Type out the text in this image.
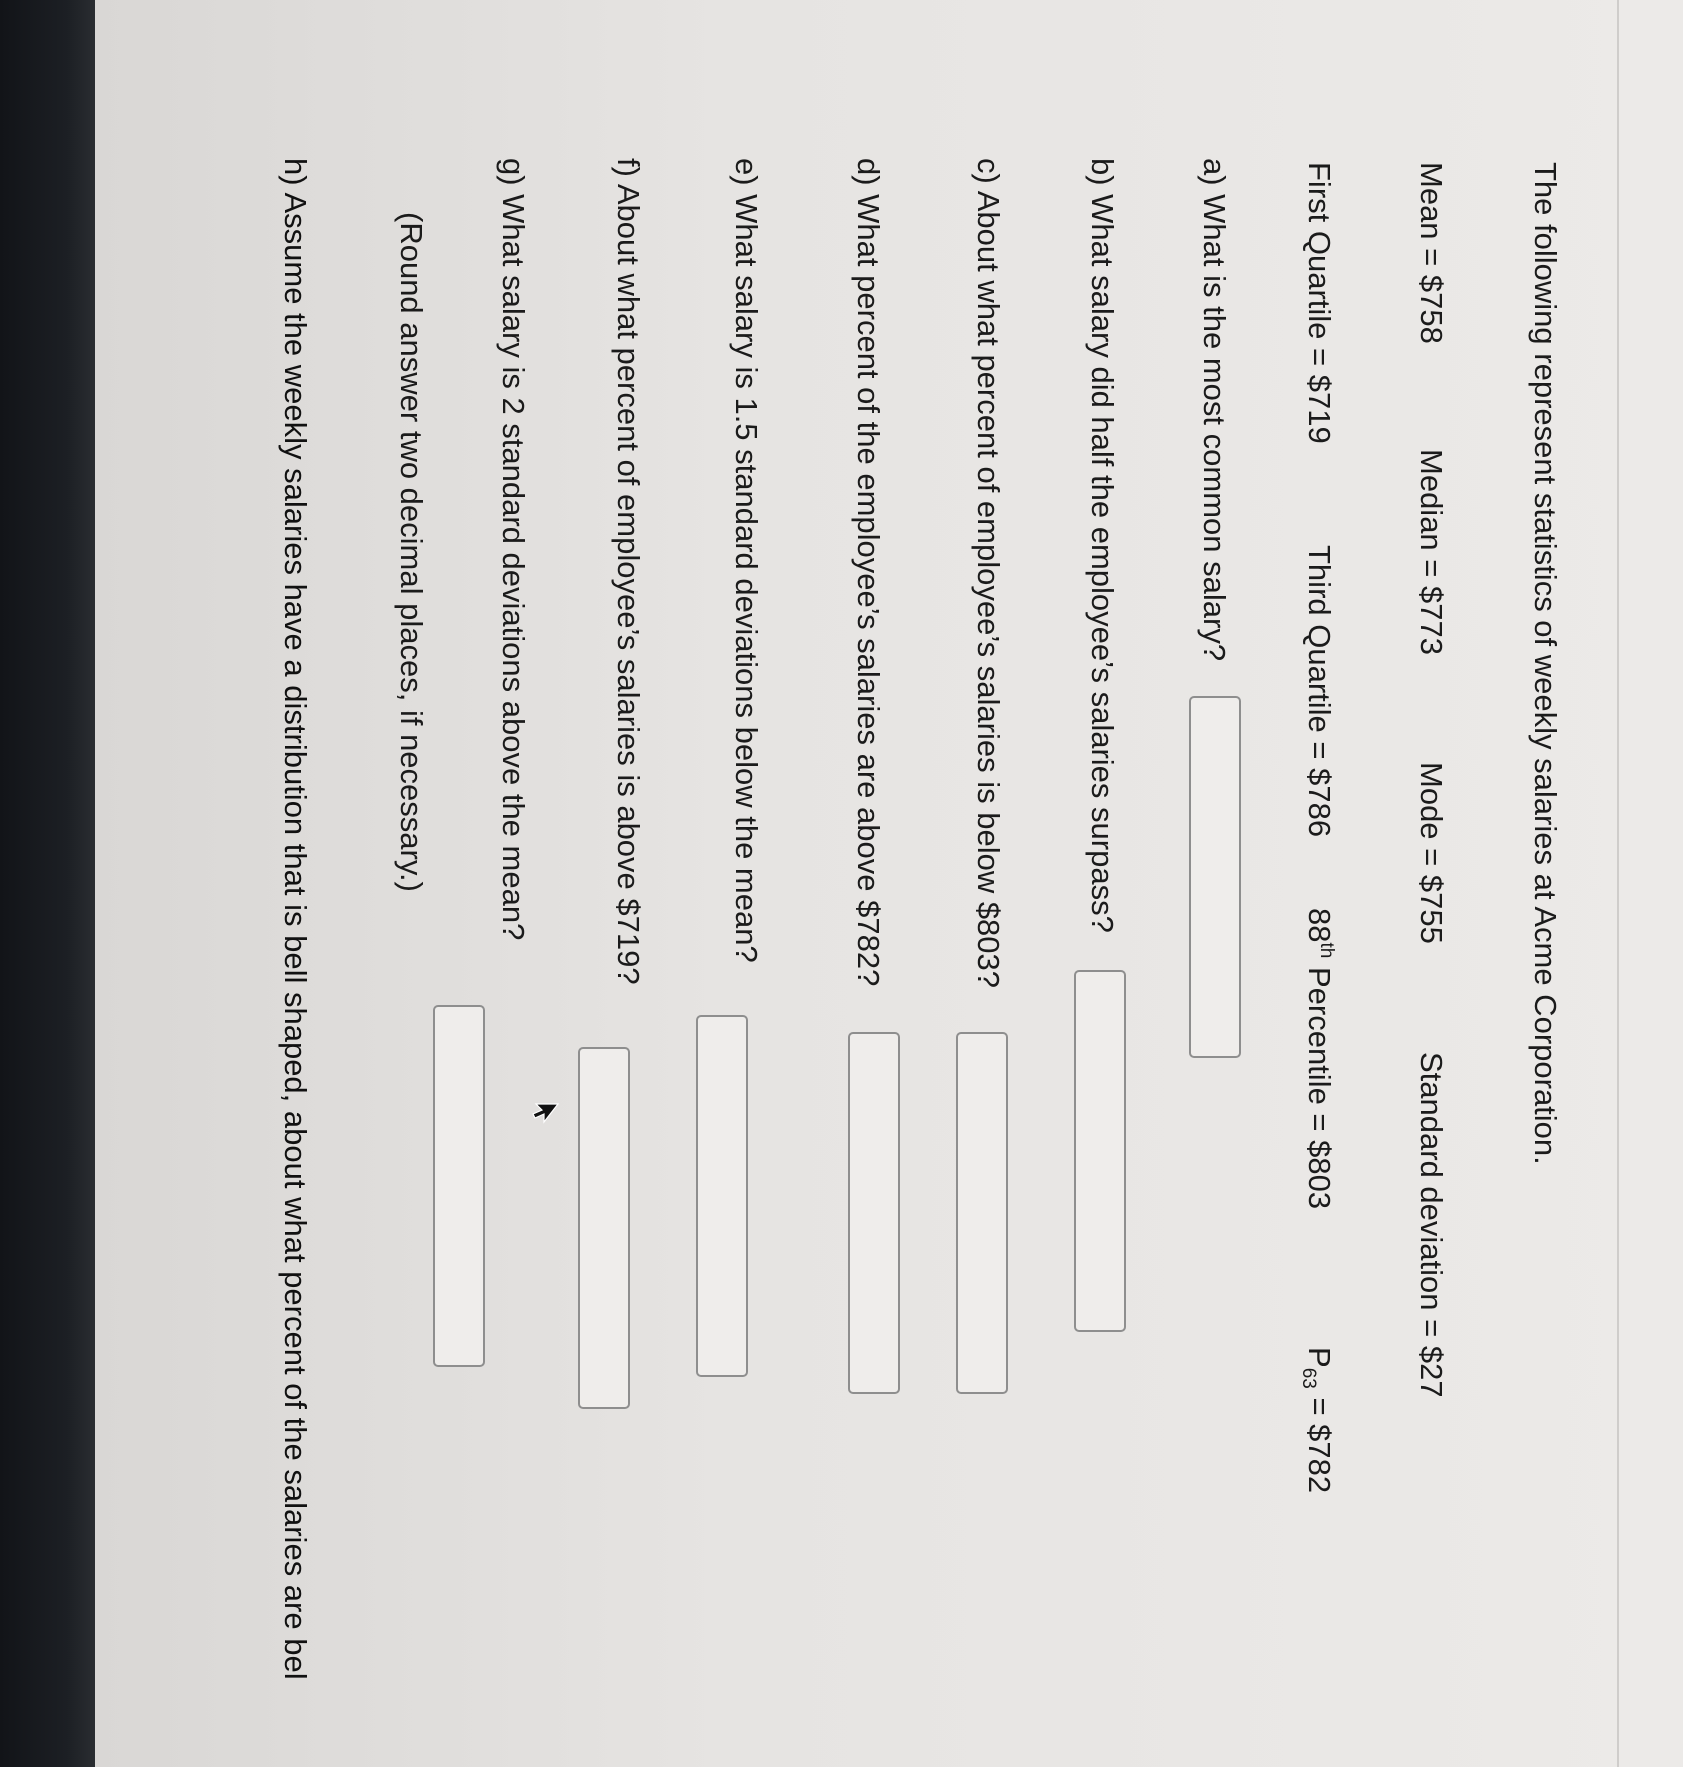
The following represent statistics of weekly salaries at Acme Corporation.
Mean = $758
Median = $773
Mode = $755
Standard deviation = $27
First Quartile = $719
Third Quartile = $786
88th Percentile = $803
$P_{63}$ = $782
a) What is the most common salary?
b) What salary did half the employee’s salaries surpass?
c) About what percent of employee’s salaries is below $803?
d) What percent of the employee’s salaries are above $782?
e) What salary is 1.5 standard deviations below the mean?
f) About what percent of employee’s salaries is above $719?
g) What salary is 2 standard deviations above the mean?
(Round answer two decimal places, if necessary.)
h) Assume the weekly salaries have a distribution that is bell shaped, about what percent of the salaries are bel
